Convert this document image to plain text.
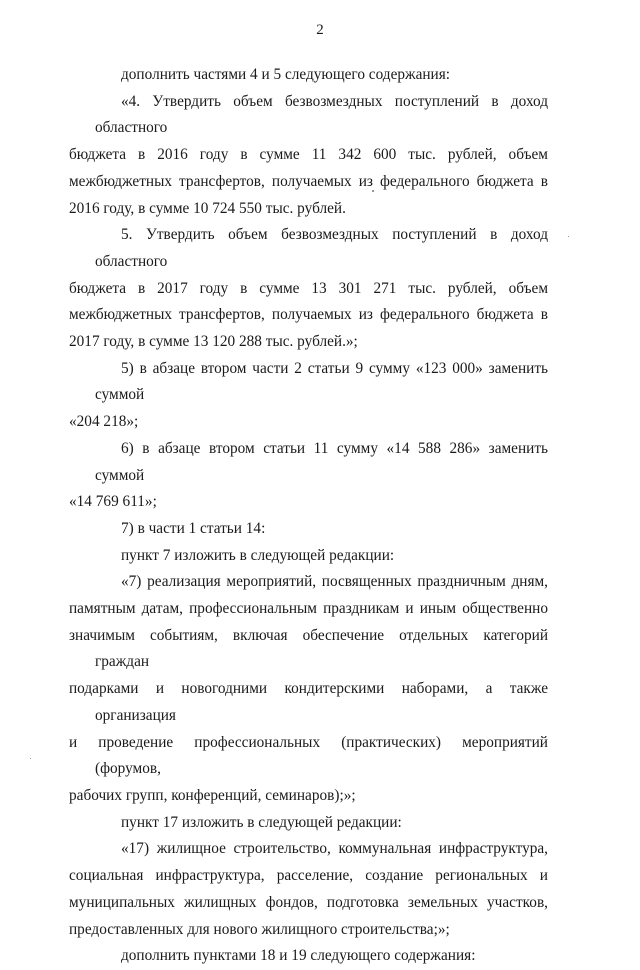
2
дополнить частями 4 и 5 следующего содержания:
«4. Утвердить объем безвозмездных поступлений в доход областного
бюджета в 2016 году в сумме 11 342 600 тыс. рублей, объем
межбюджетных трансфертов, получаемых из федерального бюджета в
2016 году, в сумме 10 724 550 тыс. рублей.
5. Утвердить объем безвозмездных поступлений в доход областного
бюджета в 2017 году в сумме 13 301 271 тыс. рублей, объем
межбюджетных трансфертов, получаемых из федерального бюджета в
2017 году, в сумме 13 120 288 тыс. рублей.»;
5) в абзаце втором части 2 статьи 9 сумму «123 000» заменить суммой
«204 218»;
6) в абзаце втором статьи 11 сумму «14 588 286» заменить суммой
«14 769 611»;
7) в части 1 статьи 14:
пункт 7 изложить в следующей редакции:
«7) реализация мероприятий, посвященных праздничным дням,
памятным датам, профессиональным праздникам и иным общественно
значимым событиям, включая обеспечение отдельных категорий граждан
подарками и новогодними кондитерскими наборами, а также организация
и проведение профессиональных (практических) мероприятий (форумов,
рабочих групп, конференций, семинаров);»;
пункт 17 изложить в следующей редакции:
«17) жилищное строительство, коммунальная инфраструктура,
социальная инфраструктура, расселение, создание региональных и
муниципальных жилищных фондов, подготовка земельных участков,
предоставленных для нового жилищного строительства;»;
дополнить пунктами 18 и 19 следующего содержания:
